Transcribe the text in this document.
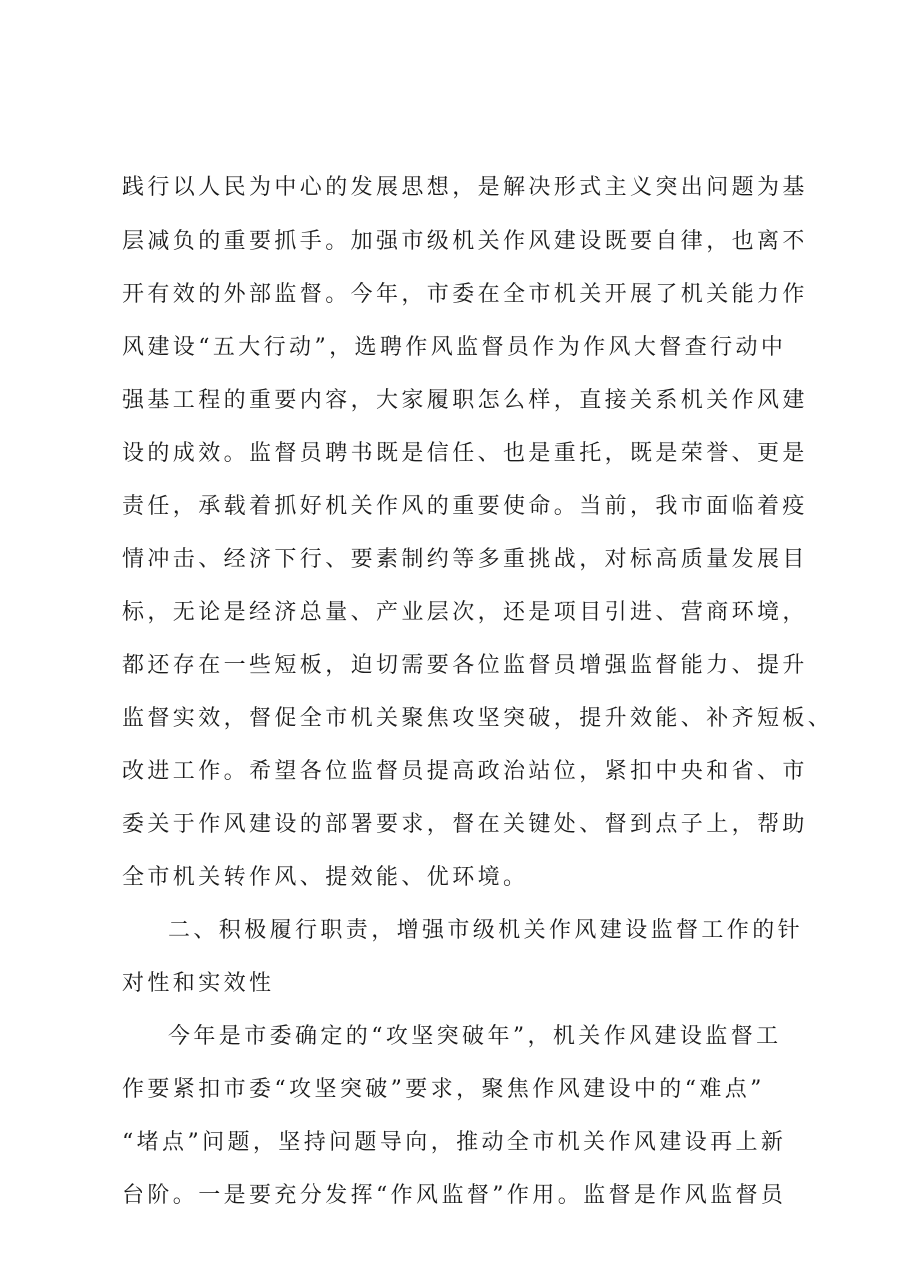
践行以人民为中心的发展思想，是解决形式主义突出问题为基
层减负的重要抓手。加强市级机关作风建设既要自律，也离不
开有效的外部监督。今年，市委在全市机关开展了机关能力作
风建设“五大行动”，选聘作风监督员作为作风大督查行动中
强基工程的重要内容，大家履职怎么样，直接关系机关作风建
设的成效。监督员聘书既是信任、也是重托，既是荣誉、更是
责任，承载着抓好机关作风的重要使命。当前，我市面临着疫
情冲击、经济下行、要素制约等多重挑战，对标高质量发展目
标，无论是经济总量、产业层次，还是项目引进、营商环境，
都还存在一些短板，迫切需要各位监督员增强监督能力、提升
监督实效，督促全市机关聚焦攻坚突破，提升效能、补齐短板、
改进工作。希望各位监督员提高政治站位，紧扣中央和省、市
委关于作风建设的部署要求，督在关键处、督到点子上，帮助
全市机关转作风、提效能、优环境。
二、积极履行职责，增强市级机关作风建设监督工作的针
对性和实效性
今年是市委确定的“攻坚突破年”，机关作风建设监督工
作要紧扣市委“攻坚突破”要求，聚焦作风建设中的“难点”
“堵点”问题，坚持问题导向，推动全市机关作风建设再上新
台阶。一是要充分发挥“作风监督”作用。监督是作风监督员
